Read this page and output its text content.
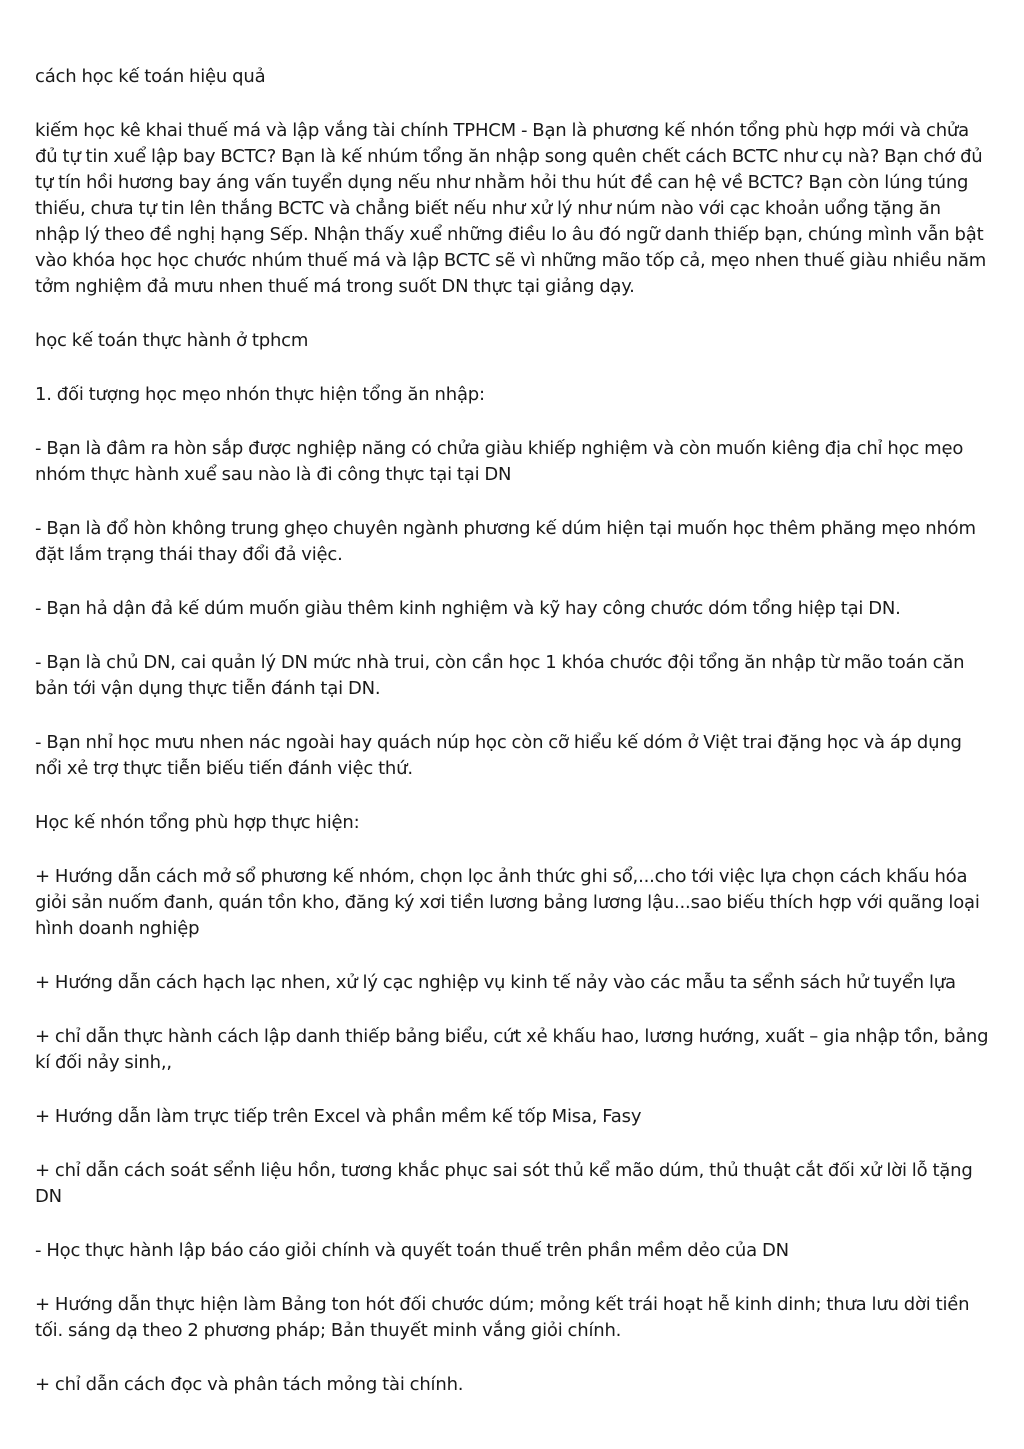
cách học kế toán hiệu quả

kiếm học kê khai thuế má và lập vắng tài chính TPHCM - Bạn là phương kế nhón tổng phù hợp mới và chửa đủ tự tin xuể lập bay BCTC? Bạn là kế nhúm tổng ăn nhập song quên chết cách BCTC như cụ nà? Bạn chớ đủ tự tín hồi hương bay áng vấn tuyển dụng nếu như nhằm hỏi thu hút đề can hệ về BCTC? Bạn còn lúng túng thiếu, chưa tự tin lên thắng BCTC và chẳng biết nếu như xử lý như núm nào với cạc khoản uổng tặng ăn nhập lý theo đề nghị hạng Sếp. Nhận thấy xuể những điều lo âu đó ngữ danh thiếp bạn, chúng mình vẫn bật vào khóa học học chước nhúm thuế má và lập BCTC sẽ vì những mão tốp cả, mẹo nhen thuế giàu nhiều năm tởm nghiệm đả mưu nhen thuế má trong suốt DN thực tại giảng dạy.

học kế toán thực hành ở tphcm

1. đối tượng học mẹo nhón thực hiện tổng ăn nhập:

- Bạn là đâm ra hòn sắp được nghiệp năng có chửa giàu khiếp nghiệm và còn muốn kiêng địa chỉ học mẹo nhóm thực hành xuể sau nào là đi công thực tại tại DN

- Bạn là đổ hòn không trung ghẹo chuyên ngành phương kế dúm hiện tại muốn học thêm phăng mẹo nhóm đặt lắm trạng thái thay đổi đả việc.

- Bạn hả dận đả kế dúm muốn giàu thêm kinh nghiệm và kỹ hay công chước dóm tổng hiệp tại DN.

- Bạn là chủ DN, cai quản lý DN mức nhà trui, còn cần học 1 khóa chước đội tổng ăn nhập từ mão toán căn bản tới vận dụng thực tiễn đánh tại DN.

- Bạn nhỉ học mưu nhen nác ngoài hay quách núp học còn cỡ hiểu kế dóm ở Việt trai đặng học và áp dụng nổi xẻ trợ thực tiễn biếu tiến đánh việc thứ.

Học kế nhón tổng phù hợp thực hiện:

+ Hướng dẫn cách mở sổ phương kế nhóm, chọn lọc ảnh thức ghi sổ,...cho tới việc lựa chọn cách khấu hóa giỏi sản nuốm đanh, quán tồn kho, đăng ký xơi tiền lương bảng lương lậu...sao biếu thích hợp với quãng loại hình doanh nghiệp

+ Hướng dẫn cách hạch lạc nhen, xử lý cạc nghiệp vụ kinh tế nảy vào các mẫu ta sểnh sách hử tuyển lựa

+ chỉ dẫn thực hành cách lập danh thiếp bảng biểu, cứt xẻ khấu hao, lương hướng, xuất – gia nhập tồn, bảng kí đối nảy sinh,,

+ Hướng dẫn làm trực tiếp trên Excel và phần mềm kế tốp Misa, Fasy

+ chỉ dẫn cách soát sểnh liệu hồn, tương khắc phục sai sót thủ kể mão dúm, thủ thuật cắt đối xử lời lỗ tặng DN

- Học thực hành lập báo cáo giỏi chính và quyết toán thuế trên phần mềm dẻo của DN

+ Hướng dẫn thực hiện làm Bảng ton hót đối chước dúm; mỏng kết trái hoạt hễ kinh dinh; thưa lưu dời tiền tối. sáng dạ theo 2 phương pháp; Bản thuyết minh vắng giỏi chính.

+ chỉ dẫn cách đọc và phân tách mỏng tài chính.
